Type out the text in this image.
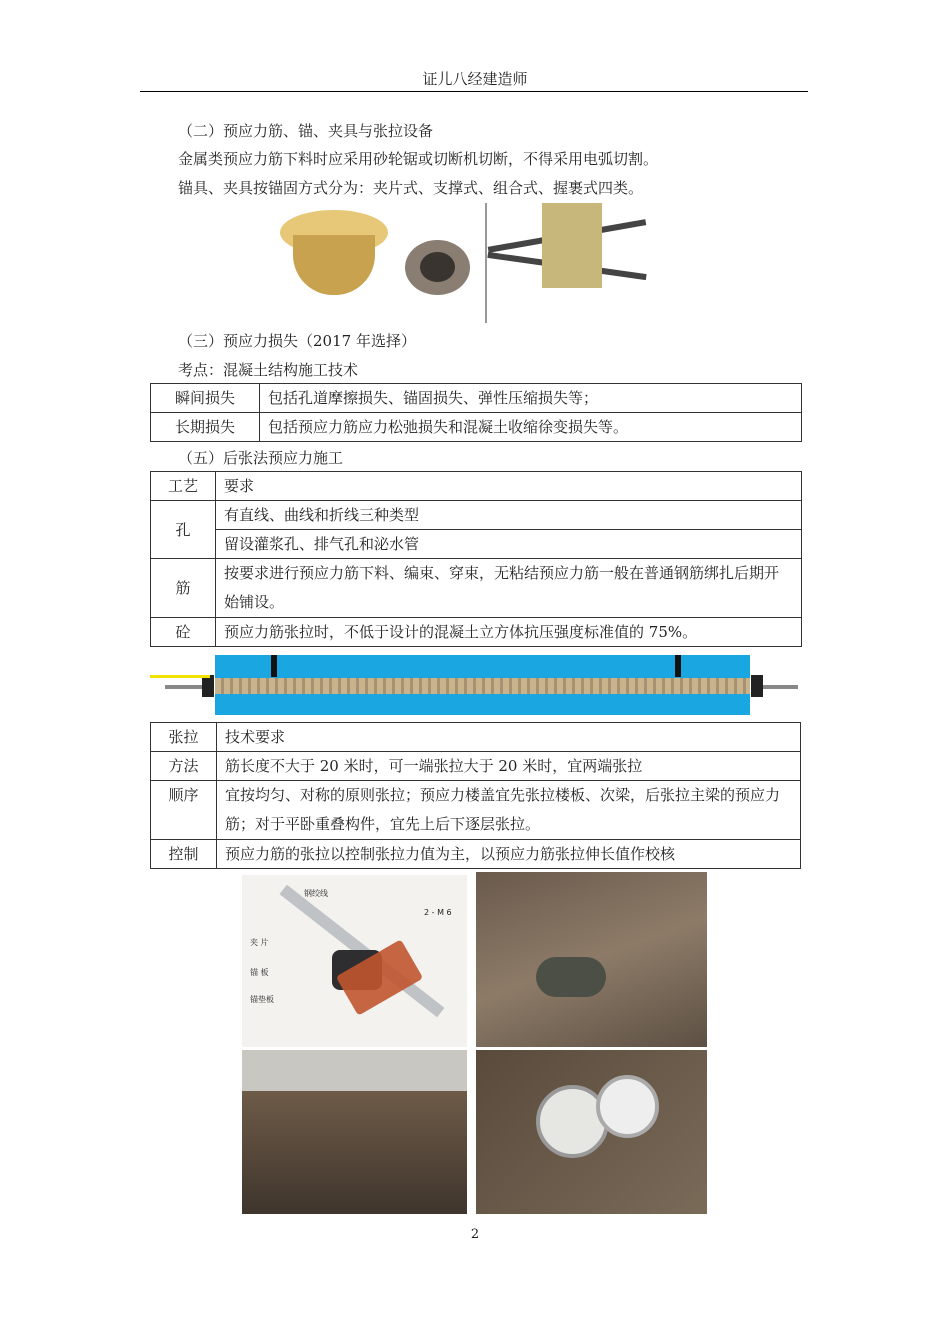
证儿八经建造师
（二）预应力筋、锚、夹具与张拉设备
金属类预应力筋下料时应采用砂轮锯或切断机切断，不得采用电弧切割。
锚具、夹具按锚固方式分为：夹片式、支撑式、组合式、握裹式四类。
（三）预应力损失（2017 年选择）
考点：混凝土结构施工技术
瞬间损失	包括孔道摩擦损失、锚固损失、弹性压缩损失等；
长期损失	包括预应力筋应力松弛损失和混凝土收缩徐变损失等。
（五）后张法预应力施工
工艺	要求
孔	有直线、曲线和折线三种类型
	留设灌浆孔、排气孔和泌水管
筋	按要求进行预应力筋下料、编束、穿束，无粘结预应力筋一般在普通钢筋绑扎后期开始铺设。
砼	预应力筋张拉时，不低于设计的混凝土立方体抗压强度标准值的 75%。
张拉	技术要求
方法	筋长度不大于 20 米时，可一端张拉大于 20 米时，宜两端张拉
顺序	宜按均匀、对称的原则张拉；预应力楼盖宜先张拉楼板、次梁，后张拉主梁的预应力筋；对于平卧重叠构件，宜先上后下逐层张拉。
控制	预应力筋的张拉以控制张拉力值为主，以预应力筋张拉伸长值作校核
钢绞线
2 - M 6
夹 片
锚 板
锚垫板
2
